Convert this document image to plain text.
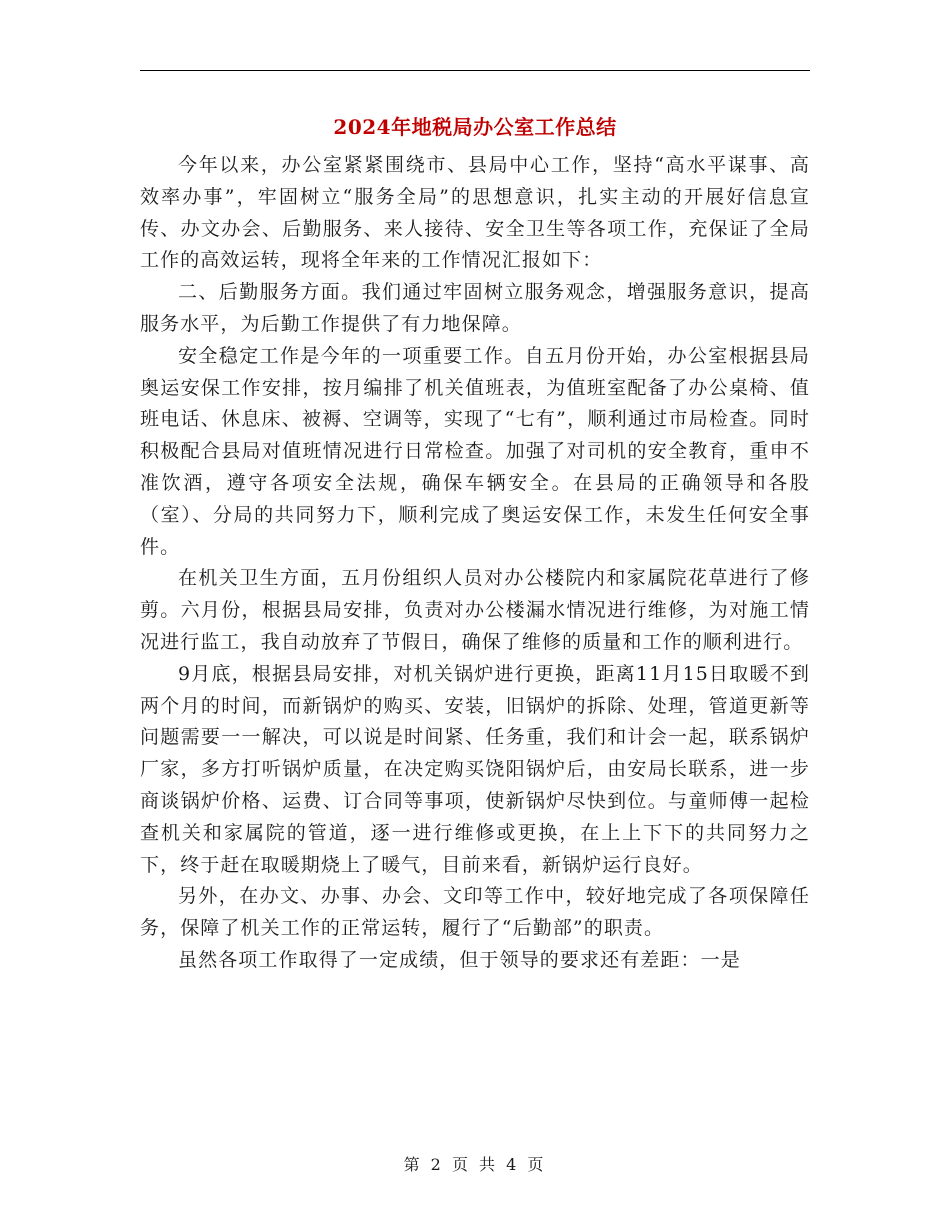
2024年地税局办公室工作总结

今年以来，办公室紧紧围绕市、县局中心工作，坚持“高水平谋事、高效率办事”，牢固树立“服务全局”的思想意识，扎实主动的开展好信息宣传、办文办会、后勤服务、来人接待、安全卫生等各项工作，充保证了全局工作的高效运转，现将全年来的工作情况汇报如下：

二、后勤服务方面。我们通过牢固树立服务观念，增强服务意识，提高服务水平，为后勤工作提供了有力地保障。

安全稳定工作是今年的一项重要工作。自五月份开始，办公室根据县局奥运安保工作安排，按月编排了机关值班表，为值班室配备了办公桌椅、值班电话、休息床、被褥、空调等，实现了“七有”，顺利通过市局检查。同时积极配合县局对值班情况进行日常检查。加强了对司机的安全教育，重申不准饮酒，遵守各项安全法规，确保车辆安全。在县局的正确领导和各股（室）、分局的共同努力下，顺利完成了奥运安保工作，未发生任何安全事件。

在机关卫生方面，五月份组织人员对办公楼院内和家属院花草进行了修剪。六月份，根据县局安排，负责对办公楼漏水情况进行维修，为对施工情况进行监工，我自动放弃了节假日，确保了维修的质量和工作的顺利进行。

9月底，根据县局安排，对机关锅炉进行更换，距离11月15日取暖不到两个月的时间，而新锅炉的购买、安装，旧锅炉的拆除、处理，管道更新等问题需要一一解决，可以说是时间紧、任务重，我们和计会一起，联系锅炉厂家，多方打听锅炉质量，在决定购买饶阳锅炉后，由安局长联系，进一步商谈锅炉价格、运费、订合同等事项，使新锅炉尽快到位。与童师傅一起检查机关和家属院的管道，逐一进行维修或更换，在上上下下的共同努力之下，终于赶在取暖期烧上了暖气，目前来看，新锅炉运行良好。

另外，在办文、办事、办会、文印等工作中，较好地完成了各项保障任务，保障了机关工作的正常运转，履行了“后勤部”的职责。

虽然各项工作取得了一定成绩，但于领导的要求还有差距：一是

第 2 页 共 4 页
